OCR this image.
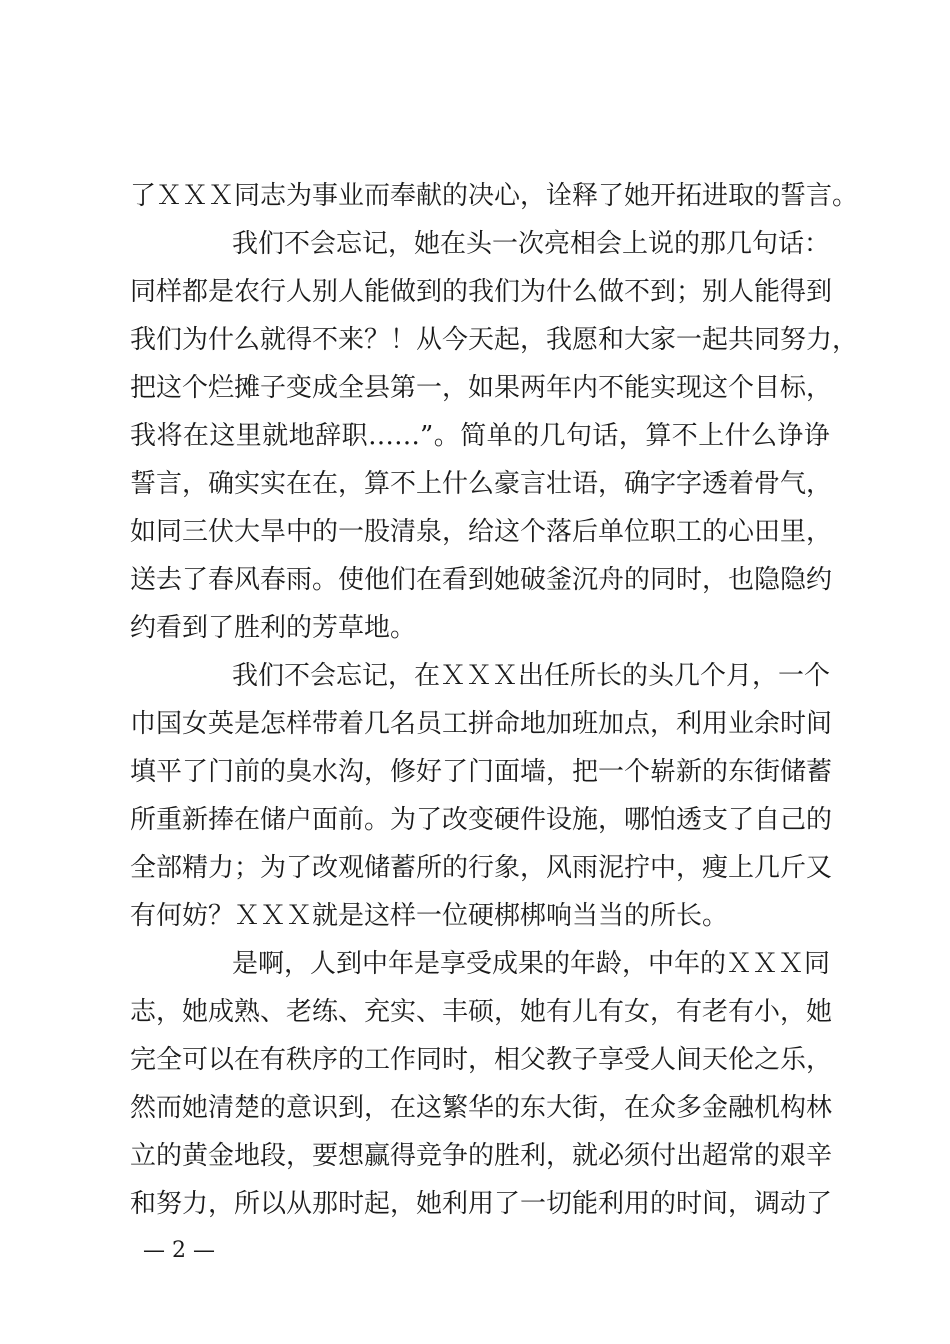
了ＸＸＸ同志为事业而奉献的决心，诠释了她开拓进取的誓言。
我们不会忘记，她在头一次亮相会上说的那几句话：
同样都是农行人别人能做到的我们为什么做不到；别人能得到
我们为什么就得不来？！从今天起，我愿和大家一起共同努力，
把这个烂摊子变成全县第一，如果两年内不能实现这个目标，
我将在这里就地辞职……”。简单的几句话，算不上什么诤诤
誓言，确实实在在，算不上什么豪言壮语，确字字透着骨气，
如同三伏大旱中的一股清泉，给这个落后单位职工的心田里，
送去了春风春雨。使他们在看到她破釜沉舟的同时，也隐隐约
约看到了胜利的芳草地。
我们不会忘记，在ＸＸＸ出任所长的头几个月，一个
巾国女英是怎样带着几名员工拼命地加班加点，利用业余时间
填平了门前的臭水沟，修好了门面墙，把一个崭新的东街储蓄
所重新捧在储户面前。为了改变硬件设施，哪怕透支了自己的
全部精力；为了改观储蓄所的行象，风雨泥拧中，瘦上几斤又
有何妨？ＸＸＸ就是这样一位硬梆梆响当当的所长。
是啊，人到中年是享受成果的年龄，中年的ＸＸＸ同
志，她成熟、老练、充实、丰硕，她有儿有女，有老有小，她
完全可以在有秩序的工作同时，相父教子享受人间天伦之乐，
然而她清楚的意识到，在这繁华的东大街，在众多金融机构林
立的黄金地段，要想赢得竞争的胜利，就必须付出超常的艰辛
和努力，所以从那时起，她利用了一切能利用的时间，调动了
— 2 —
